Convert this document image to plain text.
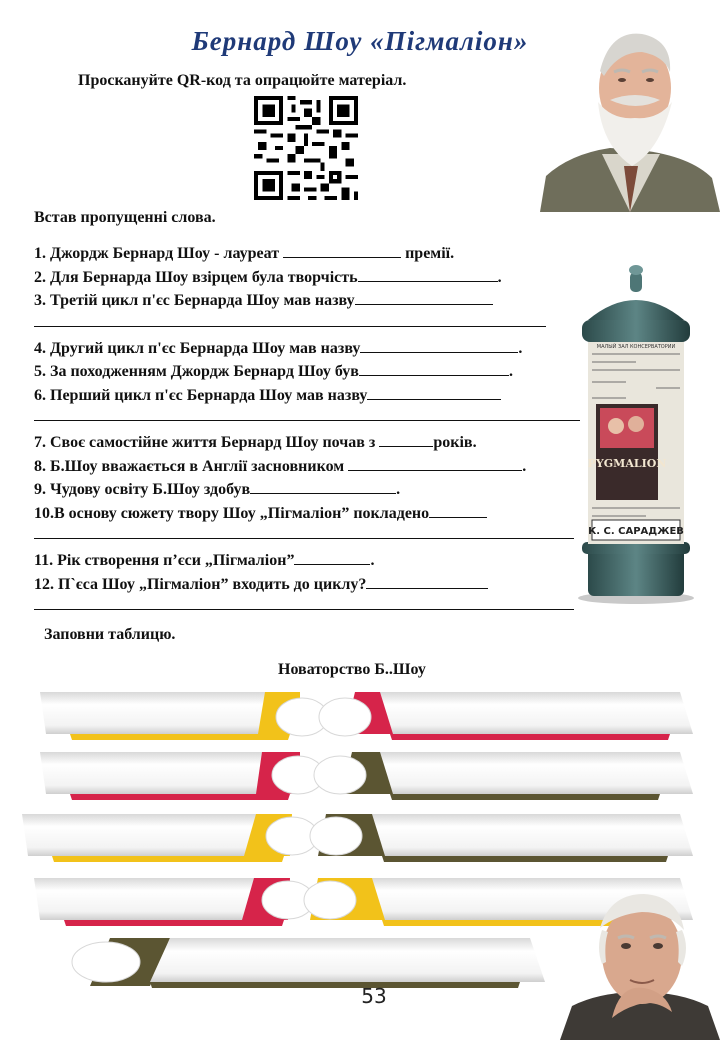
Бернард Шоу «Пігмаліон»
Проскануйте QR-код та опрацюйте матеріал.
Встав пропущенні слова.
1. Джордж Бернард Шоу - лауреат	премії.
2. Для Бернарда Шоу взірцем була творчість	.
3. Третій цикл п'єс Бернарда Шоу мав назву
4. Другий цикл п'єс Бернарда Шоу мав назву	.
5. За походженням Джордж Бернард Шоу був	.
6. Перший цикл п'єс Бернарда Шоу мав назву
7. Своє самостійне життя Бернард Шоу почав з	років.
8. Б.Шоу вважається в Англії засновником	.
9. Чудову освіту Б.Шоу здобув	.
10.В основу сюжету твору Шоу „Пігмаліон” покладено
11. Рік створення п’єси „Пігмаліон”	.
12. П`єса Шоу „Пігмаліон” входить до циклу?
PYGMALION
К. С. САРАДЖЕВ
МАЛЫЙ ЗАЛ КОНСЕРВАТОРИИ
Заповни таблицю.
Новаторство Б..Шоу
53
